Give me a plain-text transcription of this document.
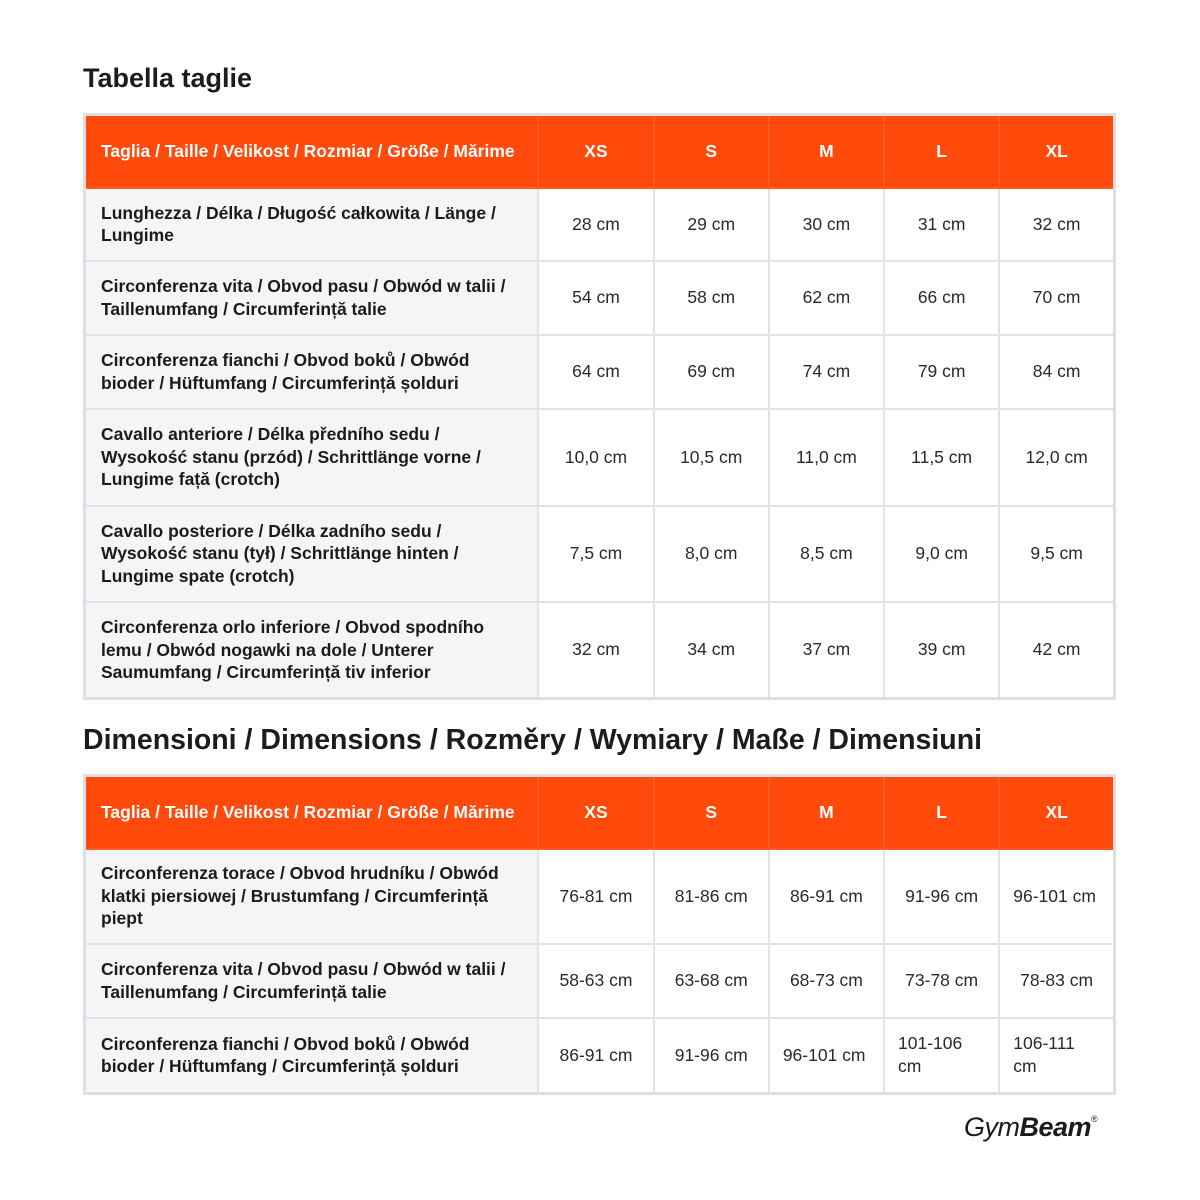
Tabella taglie
Taglia / Taille / Velikost / Rozmiar / Größe / Mărime	XS	S	M	L	XL
Lunghezza / Délka / Długość całkowita / Länge / Lungime	28 cm	29 cm	30 cm	31 cm	32 cm
Circonferenza vita / Obvod pasu / Obwód w talii / Taillenumfang / Circumferință talie	54 cm	58 cm	62 cm	66 cm	70 cm
Circonferenza fianchi / Obvod boků / Obwód bioder / Hüftumfang / Circumferință șolduri	64 cm	69 cm	74 cm	79 cm	84 cm
Cavallo anteriore / Délka předního sedu / Wysokość stanu (przód) / Schrittlänge vorne / Lungime față (crotch)	10,0 cm	10,5 cm	11,0 cm	11,5 cm	12,0 cm
Cavallo posteriore / Délka zadního sedu / Wysokość stanu (tył) / Schrittlänge hinten / Lungime spate (crotch)	7,5 cm	8,0 cm	8,5 cm	9,0 cm	9,5 cm
Circonferenza orlo inferiore / Obvod spodního lemu / Obwód nogawki na dole / Unterer Saumumfang / Circumferință tiv inferior	32 cm	34 cm	37 cm	39 cm	42 cm
Dimensioni / Dimensions / Rozměry / Wymiary / Maße / Dimensiuni
Taglia / Taille / Velikost / Rozmiar / Größe / Mărime	XS	S	M	L	XL
Circonferenza torace / Obvod hrudníku / Obwód klatki piersiowej / Brustumfang / Circumferință piept	76-81 cm	81-86 cm	86-91 cm	91-96 cm	96-101 cm
Circonferenza vita / Obvod pasu / Obwód w talii / Taillenumfang / Circumferință talie	58-63 cm	63-68 cm	68-73 cm	73-78 cm	78-83 cm
Circonferenza fianchi / Obvod boků / Obwód bioder / Hüftumfang / Circumferință șolduri	86-91 cm	91-96 cm	96-101 cm	101-106 cm	106-111 cm
GymBeam®
